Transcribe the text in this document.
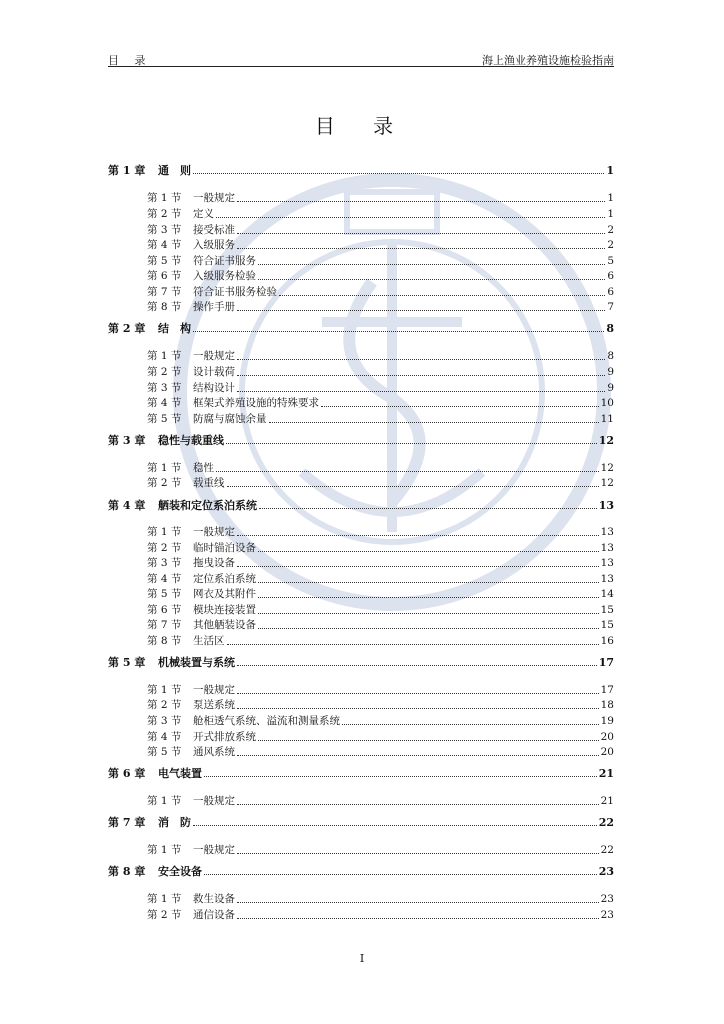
目 录	海上渔业养殖设施检验指南
目 录
第 1 章	通　则	1
第 1 节	一般规定	1
第 2 节	定义	1
第 3 节	接受标准	2
第 4 节	入级服务	2
第 5 节	符合证书服务	5
第 6 节	入级服务检验	6
第 7 节	符合证书服务检验	6
第 8 节	操作手册	7
第 2 章	结　构	8
第 1 节	一般规定	8
第 2 节	设计载荷	9
第 3 节	结构设计	9
第 4 节	框架式养殖设施的特殊要求	10
第 5 节	防腐与腐蚀余量	11
第 3 章	稳性与载重线	12
第 1 节	稳性	12
第 2 节	载重线	12
第 4 章	舾装和定位系泊系统	13
第 1 节	一般规定	13
第 2 节	临时锚泊设备	13
第 3 节	拖曳设备	13
第 4 节	定位系泊系统	13
第 5 节	网衣及其附件	14
第 6 节	模块连接装置	15
第 7 节	其他舾装设备	15
第 8 节	生活区	16
第 5 章	机械装置与系统	17
第 1 节	一般规定	17
第 2 节	泵送系统	18
第 3 节	舱柜透气系统、溢流和测量系统	19
第 4 节	开式排放系统	20
第 5 节	通风系统	20
第 6 章	电气装置	21
第 1 节	一般规定	21
第 7 章	消　防	22
第 1 节	一般规定	22
第 8 章	安全设备	23
第 1 节	救生设备	23
第 2 节	通信设备	23
I
